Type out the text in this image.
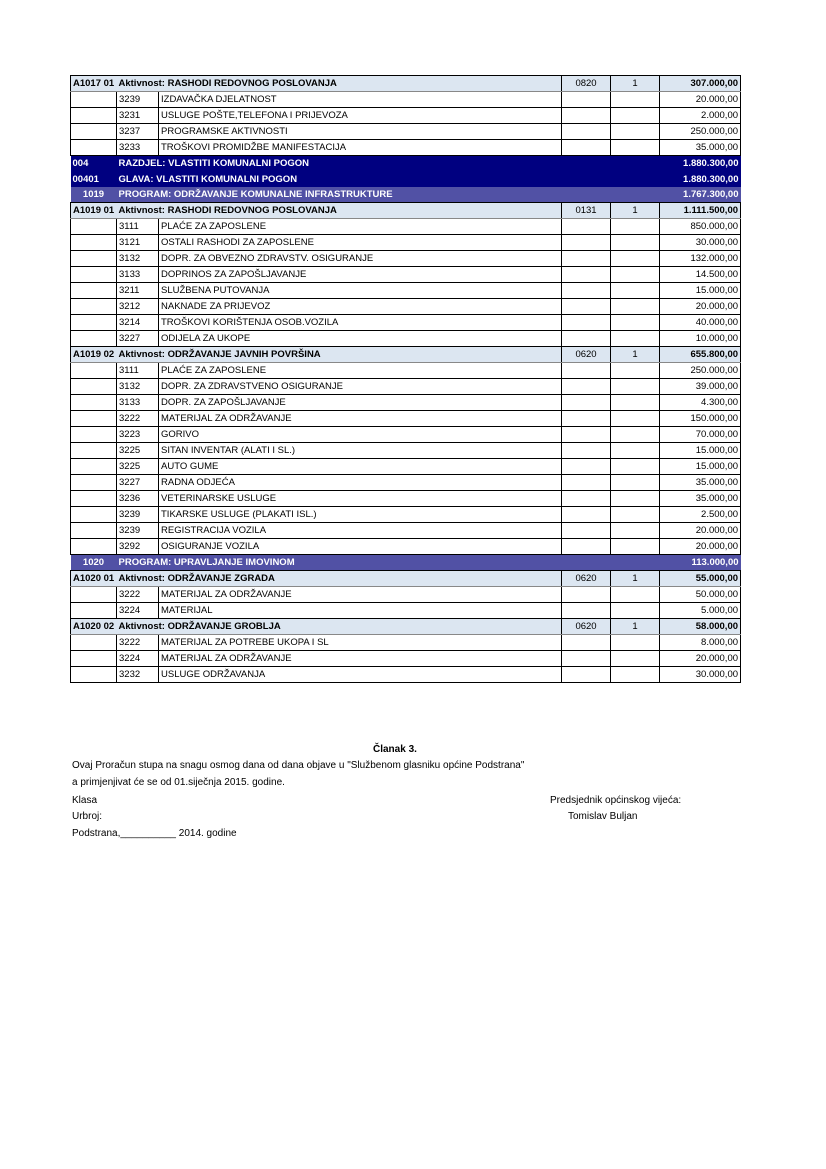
A1017 01	Aktivnost: RASHODI REDOVNOG POSLOVANJA		0820	1	307.000,00
	3239	IZDAVAČKA DJELATNOST			20.000,00
	3231	USLUGE POŠTE,TELEFONA I PRIJEVOZA			2.000,00
	3237	PROGRAMSKE AKTIVNOSTI			250.000,00
	3233	TROŠKOVI PROMIDŽBE MANIFESTACIJA			35.000,00
004	RAZDJEL: VLASTITI KOMUNALNI POGON				1.880.300,00
00401	GLAVA: VLASTITI KOMUNALNI POGON				1.880.300,00
1019	PROGRAM: ODRŽAVANJE KOMUNALNE INFRASTRUKTURE				1.767.300,00
A1019 01	Aktivnost: RASHODI REDOVNOG POSLOVANJA		0131	1	1.111.500,00
	3111	PLAĆE ZA ZAPOSLENE			850.000,00
	3121	OSTALI RASHODI ZA ZAPOSLENE			30.000,00
	3132	DOPR. ZA OBVEZNO ZDRAVSTV. OSIGURANJE			132.000,00
	3133	DOPRINOS ZA ZAPOŠLJAVANJE			14.500,00
	3211	SLUŽBENA PUTOVANJA			15.000,00
	3212	NAKNADE ZA PRIJEVOZ			20.000,00
	3214	TROŠKOVI KORIŠTENJA OSOB.VOZILA			40.000,00
	3227	ODIJELA ZA UKOPE			10.000,00
A1019 02	Aktivnost: ODRŽAVANJE JAVNIH POVRŠINA		0620	1	655.800,00
	3111	PLAĆE ZA ZAPOSLENE			250.000,00
	3132	DOPR. ZA ZDRAVSTVENO OSIGURANJE			39.000,00
	3133	DOPR. ZA ZAPOŠLJAVANJE			4.300,00
	3222	MATERIJAL ZA ODRŽAVANJE			150.000,00
	3223	GORIVO			70.000,00
	3225	SITAN INVENTAR (ALATI I SL.)			15.000,00
	3225	AUTO GUME			15.000,00
	3227	RADNA ODJEĆA			35.000,00
	3236	VETERINARSKE USLUGE			35.000,00
	3239	TIKARSKE USLUGE (PLAKATI ISL.)			2.500,00
	3239	REGISTRACIJA VOZILA			20.000,00
	3292	OSIGURANJE VOZILA			20.000,00
1020	PROGRAM: UPRAVLJANJE IMOVINOM				113.000,00
A1020 01	Aktivnost: ODRŽAVANJE ZGRADA		0620	1	55.000,00
	3222	MATERIJAL ZA ODRŽAVANJE			50.000,00
	3224	MATERIJAL			5.000,00
A1020 02	Aktivnost: ODRŽAVANJE GROBLJA		0620	1	58.000,00
	3222	MATERIJAL ZA POTREBE UKOPA I SL			8.000,00
	3224	MATERIJAL ZA ODRŽAVANJE			20.000,00
	3232	USLUGE ODRŽAVANJA			30.000,00
Članak 3.
Ovaj Proračun stupa na snagu osmog dana od dana objave u "Službenom glasniku općine Podstrana"
a primjenjivat će se od 01.siječnja 2015. godine.
Klasa
Urbroj:
Podstrana,__________ 2014. godine
Predsjednik općinskog vijeća:
Tomislav Buljan
